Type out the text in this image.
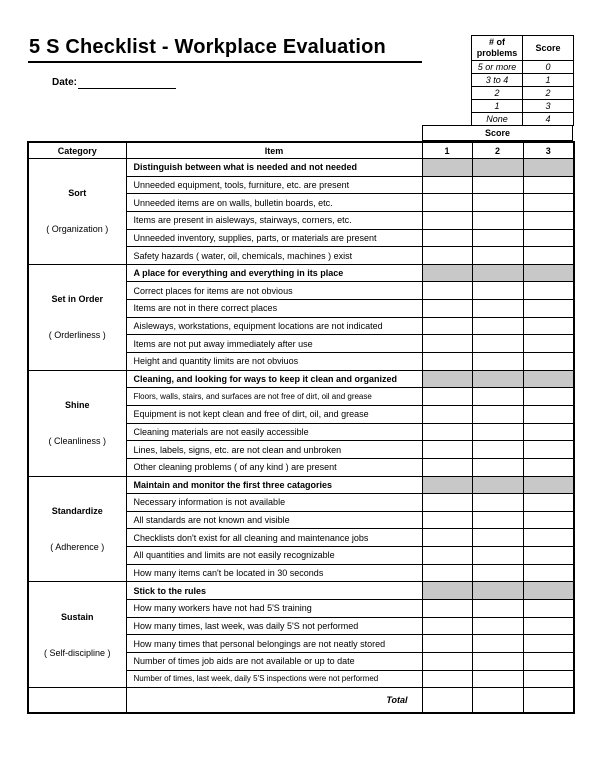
5 S Checklist - Workplace Evaluation
Date:
# of problems	Score
5 or more	0
3 to 4	1
2	2
1	3
None	4
Score
Category	Item	1	2	3

Sort
( Organization )	Distinguish between what is needed and not needed			
	Unneeded equipment, tools, furniture, etc. are present			
	Unneeded items are on walls, bulletin boards, etc.			
	Items are present in aisleways, stairways, corners, etc.			
	Unneeded inventory, supplies, parts, or materials are present			
	Safety hazards ( water, oil, chemicals, machines ) exist			

Set in Order
( Orderliness )	A place for everything and everything in its place			
	Correct places for items are not obvious			
	Items are not in there correct places			
	Aisleways, workstations, equipment locations are not indicated			
	Items are not put away immediately after use			
	Height and quantity limits are not obviuos			

Shine
( Cleanliness )	Cleaning, and looking for ways to keep it clean and organized			
	Floors, walls, stairs, and surfaces are not free of dirt, oil and grease			
	Equipment is not kept clean and free of dirt, oil, and grease			
	Cleaning materials are not easily accessible			
	Lines, labels, signs, etc. are not clean and unbroken			
	Other cleaning problems ( of any kind ) are present			

Standardize
( Adherence )	Maintain and monitor the first three catagories			
	Necessary information is not available			
	All standards are not known and visible			
	Checklists don't exist for all cleaning and maintenance jobs			
	All quantities and limits are not easily recognizable			
	How many items can't be located in 30 seconds			

Sustain
( Self-discipline )	Stick to the rules			
	How many workers have not had 5'S training			
	How many times, last week, was daily 5'S not performed			
	How many times that personal belongings are not neatly stored			
	Number of times job aids are not available or up to date			
	Number of times, last week, daily 5'S inspections were not performed			
	Total			
